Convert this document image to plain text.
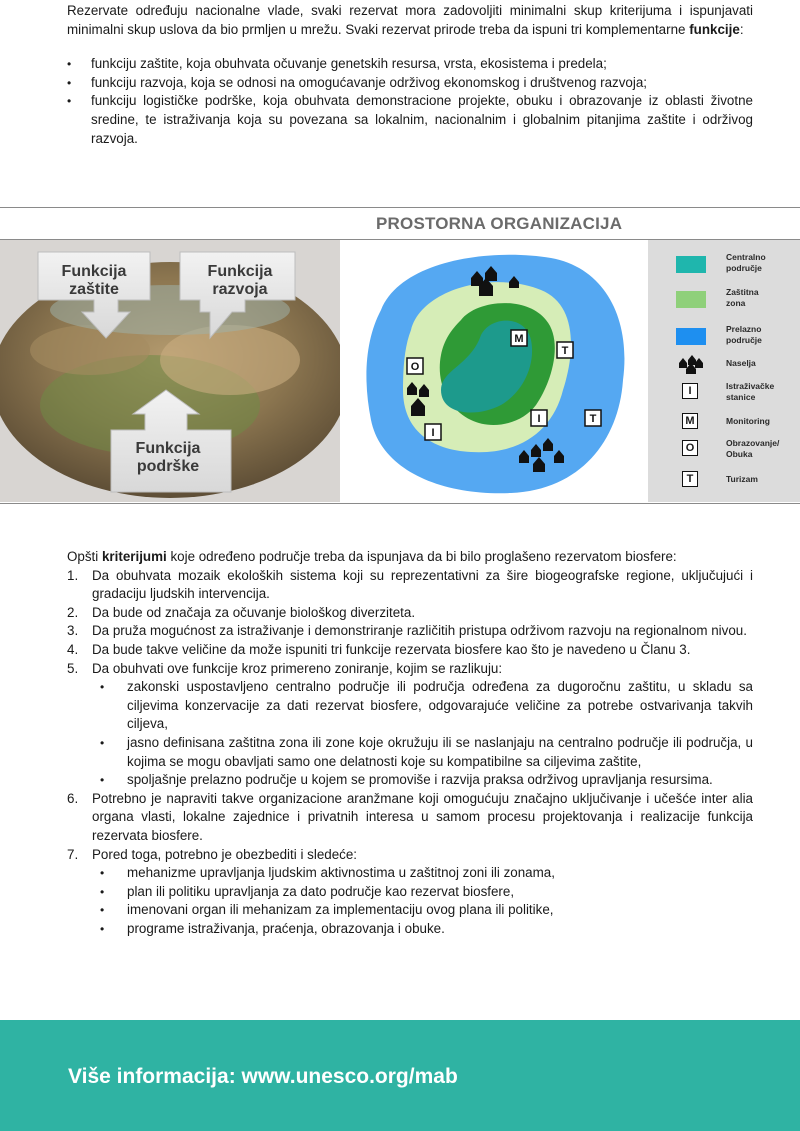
Rezervate određuju nacionalne vlade, svaki rezervat mora zadovoljiti minimalni skup kriterijuma i ispunjavati minimalni skup uslova da bio prmljen u mrežu. Svaki rezervat prirode treba da ispuni tri komplementarne funkcije:

• funkciju zaštite, koja obuhvata očuvanje genetskih resursa, vrsta, ekosistema i predela;
• funkciju razvoja, koja se odnosi na omogućavanje održivog ekonomskog i društvenog razvoja;
• funkciju logističke podrške, koja obuhvata demonstracione projekte, obuku i obrazovanje iz oblasti životne sredine, te istraživanja koja su povezana sa lokalnim, nacionalnim i globalnim pitanjima zaštite i održivog razvoja.
PROSTORNA ORGANIZACIJA
Funkcija
zaštite
Funkcija
razvoja
Funkcija
podrške
M
T
O
I
I	T
Centralno
područje
Zaštitna
zona
Prelazno
područje
Naselja
I	Istraživačke
stanice
M	Monitoring
O	Obrazovanje/
Obuka
T	Turizam

Opšti kriterijumi koje određeno područje treba da ispunjava da bi bilo proglašeno rezervatom biosfere:

1. Da obuhvata mozaik ekoloških sistema koji su reprezentativni za šire biogeografske regione, uključujući i gradaciju ljudskih intervencija.
2. Da bude od značaja za očuvanje biološkog diverziteta.
3. Da pruža mogućnost za istraživanje i demonstriranje različitih pristupa održivom razvoju na regionalnom nivou.
4. Da bude takve veličine da može ispuniti tri funkcije rezervata biosfere kao što je navedeno u Članu 3.
5. Da obuhvati ove funkcije kroz primereno zoniranje, kojim se razlikuju:
• zakonski uspostavljeno centralno područje ili područja određena za dugoročnu zaštitu, u skladu sa ciljevima konzervacije za dati rezervat biosfere, odgovarajuće veličine za potrebe ostvarivanja takvih ciljeva,
• jasno definisana zaštitna zona ili zone koje okružuju ili se naslanjaju na centralno područje ili područja, u kojima se mogu obavljati samo one delatnosti koje su kompatibilne sa ciljevima zaštite,
• spoljašnje prelazno područje u kojem se promoviše i razvija praksa održivog upravljanja resursima.
6. Potrebno je napraviti takve organizacione aranžmane koji omogućuju značajno uključivanje i učešće inter alia organa vlasti, lokalne zajednice i privatnih interesa u samom procesu projektovanja i realizacije funkcija rezervata biosfere.
7. Pored toga, potrebno je obezbediti i sledeće:
• mehanizme upravljanja ljudskim aktivnostima u zaštitnoj zoni ili zonama,
• plan ili politiku upravljanja za dato područje kao rezervat biosfere,
• imenovani organ ili mehanizam za implementaciju ovog plana ili politike,
• programe istraživanja, praćenja, obrazovanja i obuke.
Više informacija: www.unesco.org/mab
